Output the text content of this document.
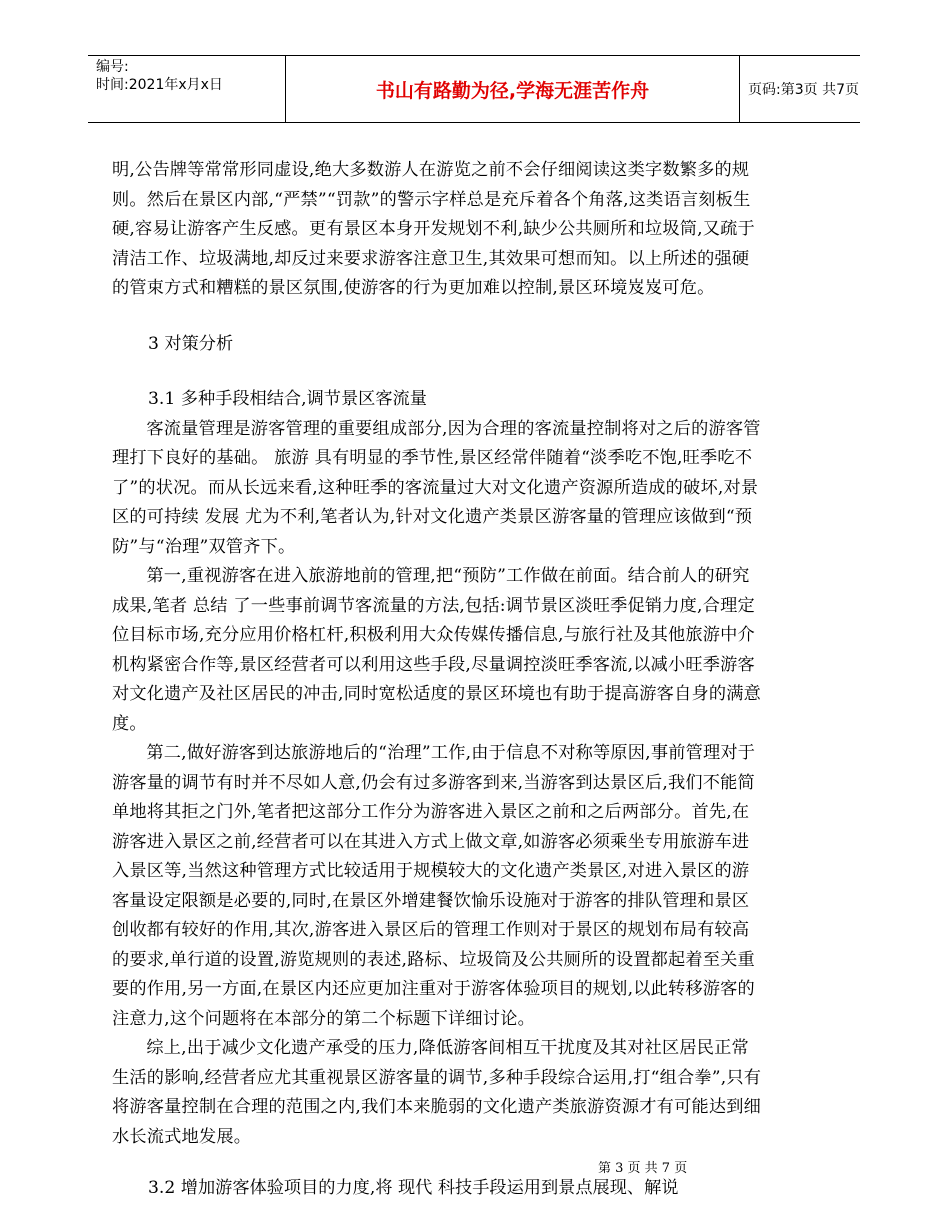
编号:
时间:2021年x月x日	书山有路勤为径,学海无涯苦作舟	页码:第3页 共7页

明,公告牌等常常形同虚设,绝大多数游人在游览之前不会仔细阅读这类字数繁多的规则。然后在景区内部,“严禁”“罚款”的警示字样总是充斥着各个角落,这类语言刻板生硬,容易让游客产生反感。更有景区本身开发规划不利,缺少公共厕所和垃圾筒,又疏于清洁工作、垃圾满地,却反过来要求游客注意卫生,其效果可想而知。以上所述的强硬的管束方式和糟糕的景区氛围,使游客的行为更加难以控制,景区环境岌岌可危。

3 对策分析

3.1 多种手段相结合,调节景区客流量

客流量管理是游客管理的重要组成部分,因为合理的客流量控制将对之后的游客管理打下良好的基础。 旅游 具有明显的季节性,景区经常伴随着“淡季吃不饱,旺季吃不了”的状况。而从长远来看,这种旺季的客流量过大对文化遗产资源所造成的破坏,对景区的可持续 发展 尤为不利,笔者认为,针对文化遗产类景区游客量的管理应该做到“预防”与“治理”双管齐下。

第一,重视游客在进入旅游地前的管理,把“预防”工作做在前面。结合前人的研究成果,笔者 总结 了一些事前调节客流量的方法,包括:调节景区淡旺季促销力度,合理定位目标市场,充分应用价格杠杆,积极利用大众传媒传播信息,与旅行社及其他旅游中介机构紧密合作等,景区经营者可以利用这些手段,尽量调控淡旺季客流,以减小旺季游客对文化遗产及社区居民的冲击,同时宽松适度的景区环境也有助于提高游客自身的满意度。

第二,做好游客到达旅游地后的“治理”工作,由于信息不对称等原因,事前管理对于游客量的调节有时并不尽如人意,仍会有过多游客到来,当游客到达景区后,我们不能简单地将其拒之门外,笔者把这部分工作分为游客进入景区之前和之后两部分。首先,在游客进入景区之前,经营者可以在其进入方式上做文章,如游客必须乘坐专用旅游车进入景区等,当然这种管理方式比较适用于规模较大的文化遗产类景区,对进入景区的游客量设定限额是必要的,同时,在景区外增建餐饮愉乐设施对于游客的排队管理和景区创收都有较好的作用,其次,游客进入景区后的管理工作则对于景区的规划布局有较高的要求,单行道的设置,游览规则的表述,路标、垃圾筒及公共厕所的设置都起着至关重要的作用,另一方面,在景区内还应更加注重对于游客体验项目的规划,以此转移游客的注意力,这个问题将在本部分的第二个标题下详细讨论。

综上,出于减少文化遗产承受的压力,降低游客间相互干扰度及其对社区居民正常生活的影响,经营者应尤其重视景区游客量的调节,多种手段综合运用,打“组合拳”,只有将游客量控制在合理的范围之内,我们本来脆弱的文化遗产类旅游资源才有可能达到细水长流式地发展。

3.2 增加游客体验项目的力度,将 现代 科技手段运用到景点展现、解说

第 3 页 共 7 页
